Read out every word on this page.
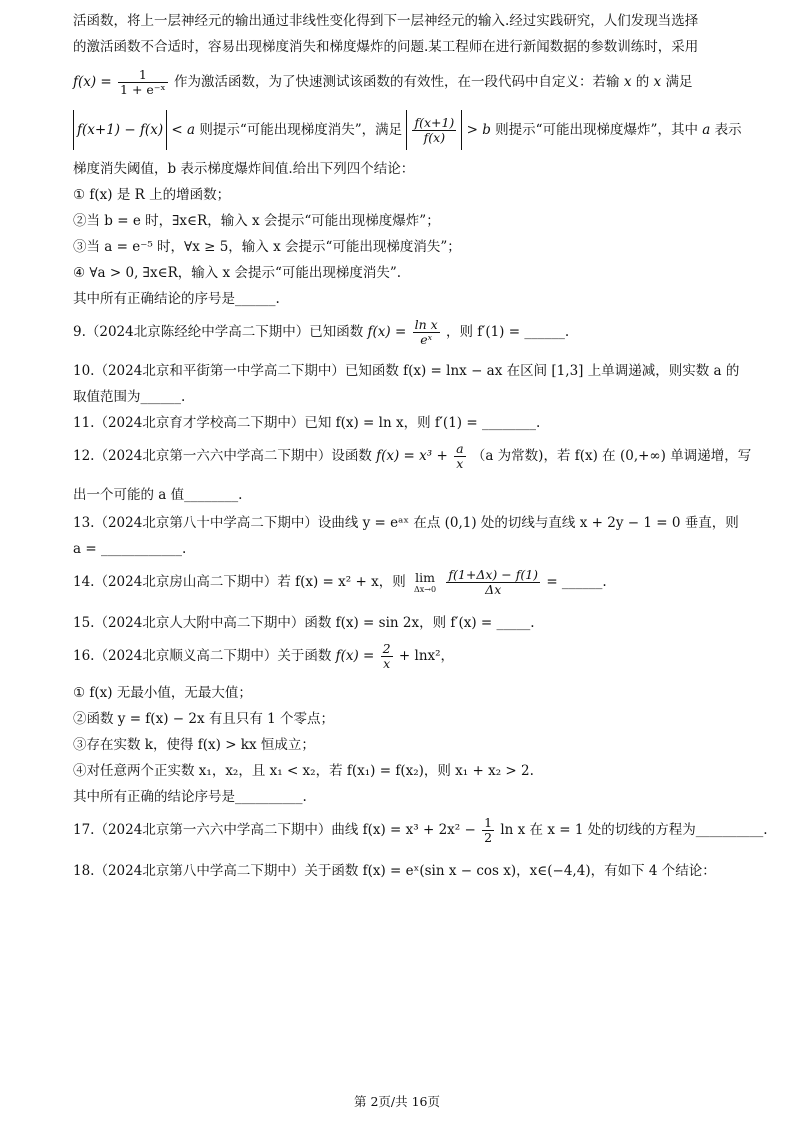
活函数，将上一层神经元的输出通过非线性变化得到下一层神经元的输入.经过实践研究，人们发现当选择
的激活函数不合适时，容易出现梯度消失和梯度爆炸的问题.某工程师在进行新闻数据的参数训练时，采用
$f(x) = \frac{1}{\text{1 + e⁻ˣ}}$ 作为激活函数，为了快速测试该函数的有效性，在一段代码中自定义：若输 x 的 x 满足
f(x+1) − f(x) < a 则提示“可能出现梯度消失”，满足 $\frac{f(x+1)}{f(x)} > b$ 则提示“可能出现梯度爆炸”，其中 a 表示
梯度消失阈值，b 表示梯度爆炸间值.给出下列四个结论：
① f(x) 是 R 上的增函数；
②当 b = e 时，∃x∈R，输入 x 会提示“可能出现梯度爆炸”；
③当 a = e⁻⁵ 时，∀x ≥ 5，输入 x 会提示“可能出现梯度消失”；
④ ∀a > 0, ∃x∈R，输入 x 会提示“可能出现梯度消失”.
其中所有正确结论的序号是______.
9.（2024北京陈经纶中学高二下期中）已知函数 $f(x) = \frac{\text{ln x}}{\text{eˣ}}$ ，则 f′(1) = ______.
10.（2024北京和平街第一中学高二下期中）已知函数 f(x) = lnx − ax 在区间 [1,3] 上单调递减，则实数 a 的
取值范围为______.
11.（2024北京育才学校高二下期中）已知 f(x) = ln x，则 f′(1) = ________.
12.（2024北京第一六六中学高二下期中）设函数 $f(x) = x^3 + \frac{a}{x} (a$ 为常数)，若 f(x) 在 (0,+∞) 单调递增，写
出一个可能的 a 值________.
13.（2024北京第八十中学高二下期中）设曲线 y = eᵃˣ 在点 (0,1) 处的切线与直线 x + 2y − 1 = 0 垂直，则
a = ____________.
14.（2024北京房山高二下期中）若 f(x) = x² + x，则 lim
Δx→0
$\frac{f(1+\Delta x) - f(1)}{\Delta x}$ = ______.
15.（2024北京人大附中高二下期中）函数 f(x) = sin 2x，则 f′(x) = _____.
16.（2024北京顺义高二下期中）关于函数 $f(x) = \frac{2}{x} + \ln x^2$，
① f(x) 无最小值，无最大值；
②函数 y = f(x) − 2x 有且只有 1 个零点；
③存在实数 k，使得 f(x) > kx 恒成立；
④对任意两个正实数 x₁，x₂，且 x₁ < x₂，若 f(x₁) = f(x₂)，则 x₁ + x₂ > 2.
其中所有正确的结论序号是__________.
17.（2024北京第一六六中学高二下期中）曲线 $f(x) = x^3 + 2x^2 - \frac{1}{2}$ ln x 在 x = 1 处的切线的方程为__________.
18.（2024北京第八中学高二下期中）关于函数 f(x) = eˣ(sin x − cos x)，x∈(−4,4)，有如下 4 个结论：
第 2页/共 16页
